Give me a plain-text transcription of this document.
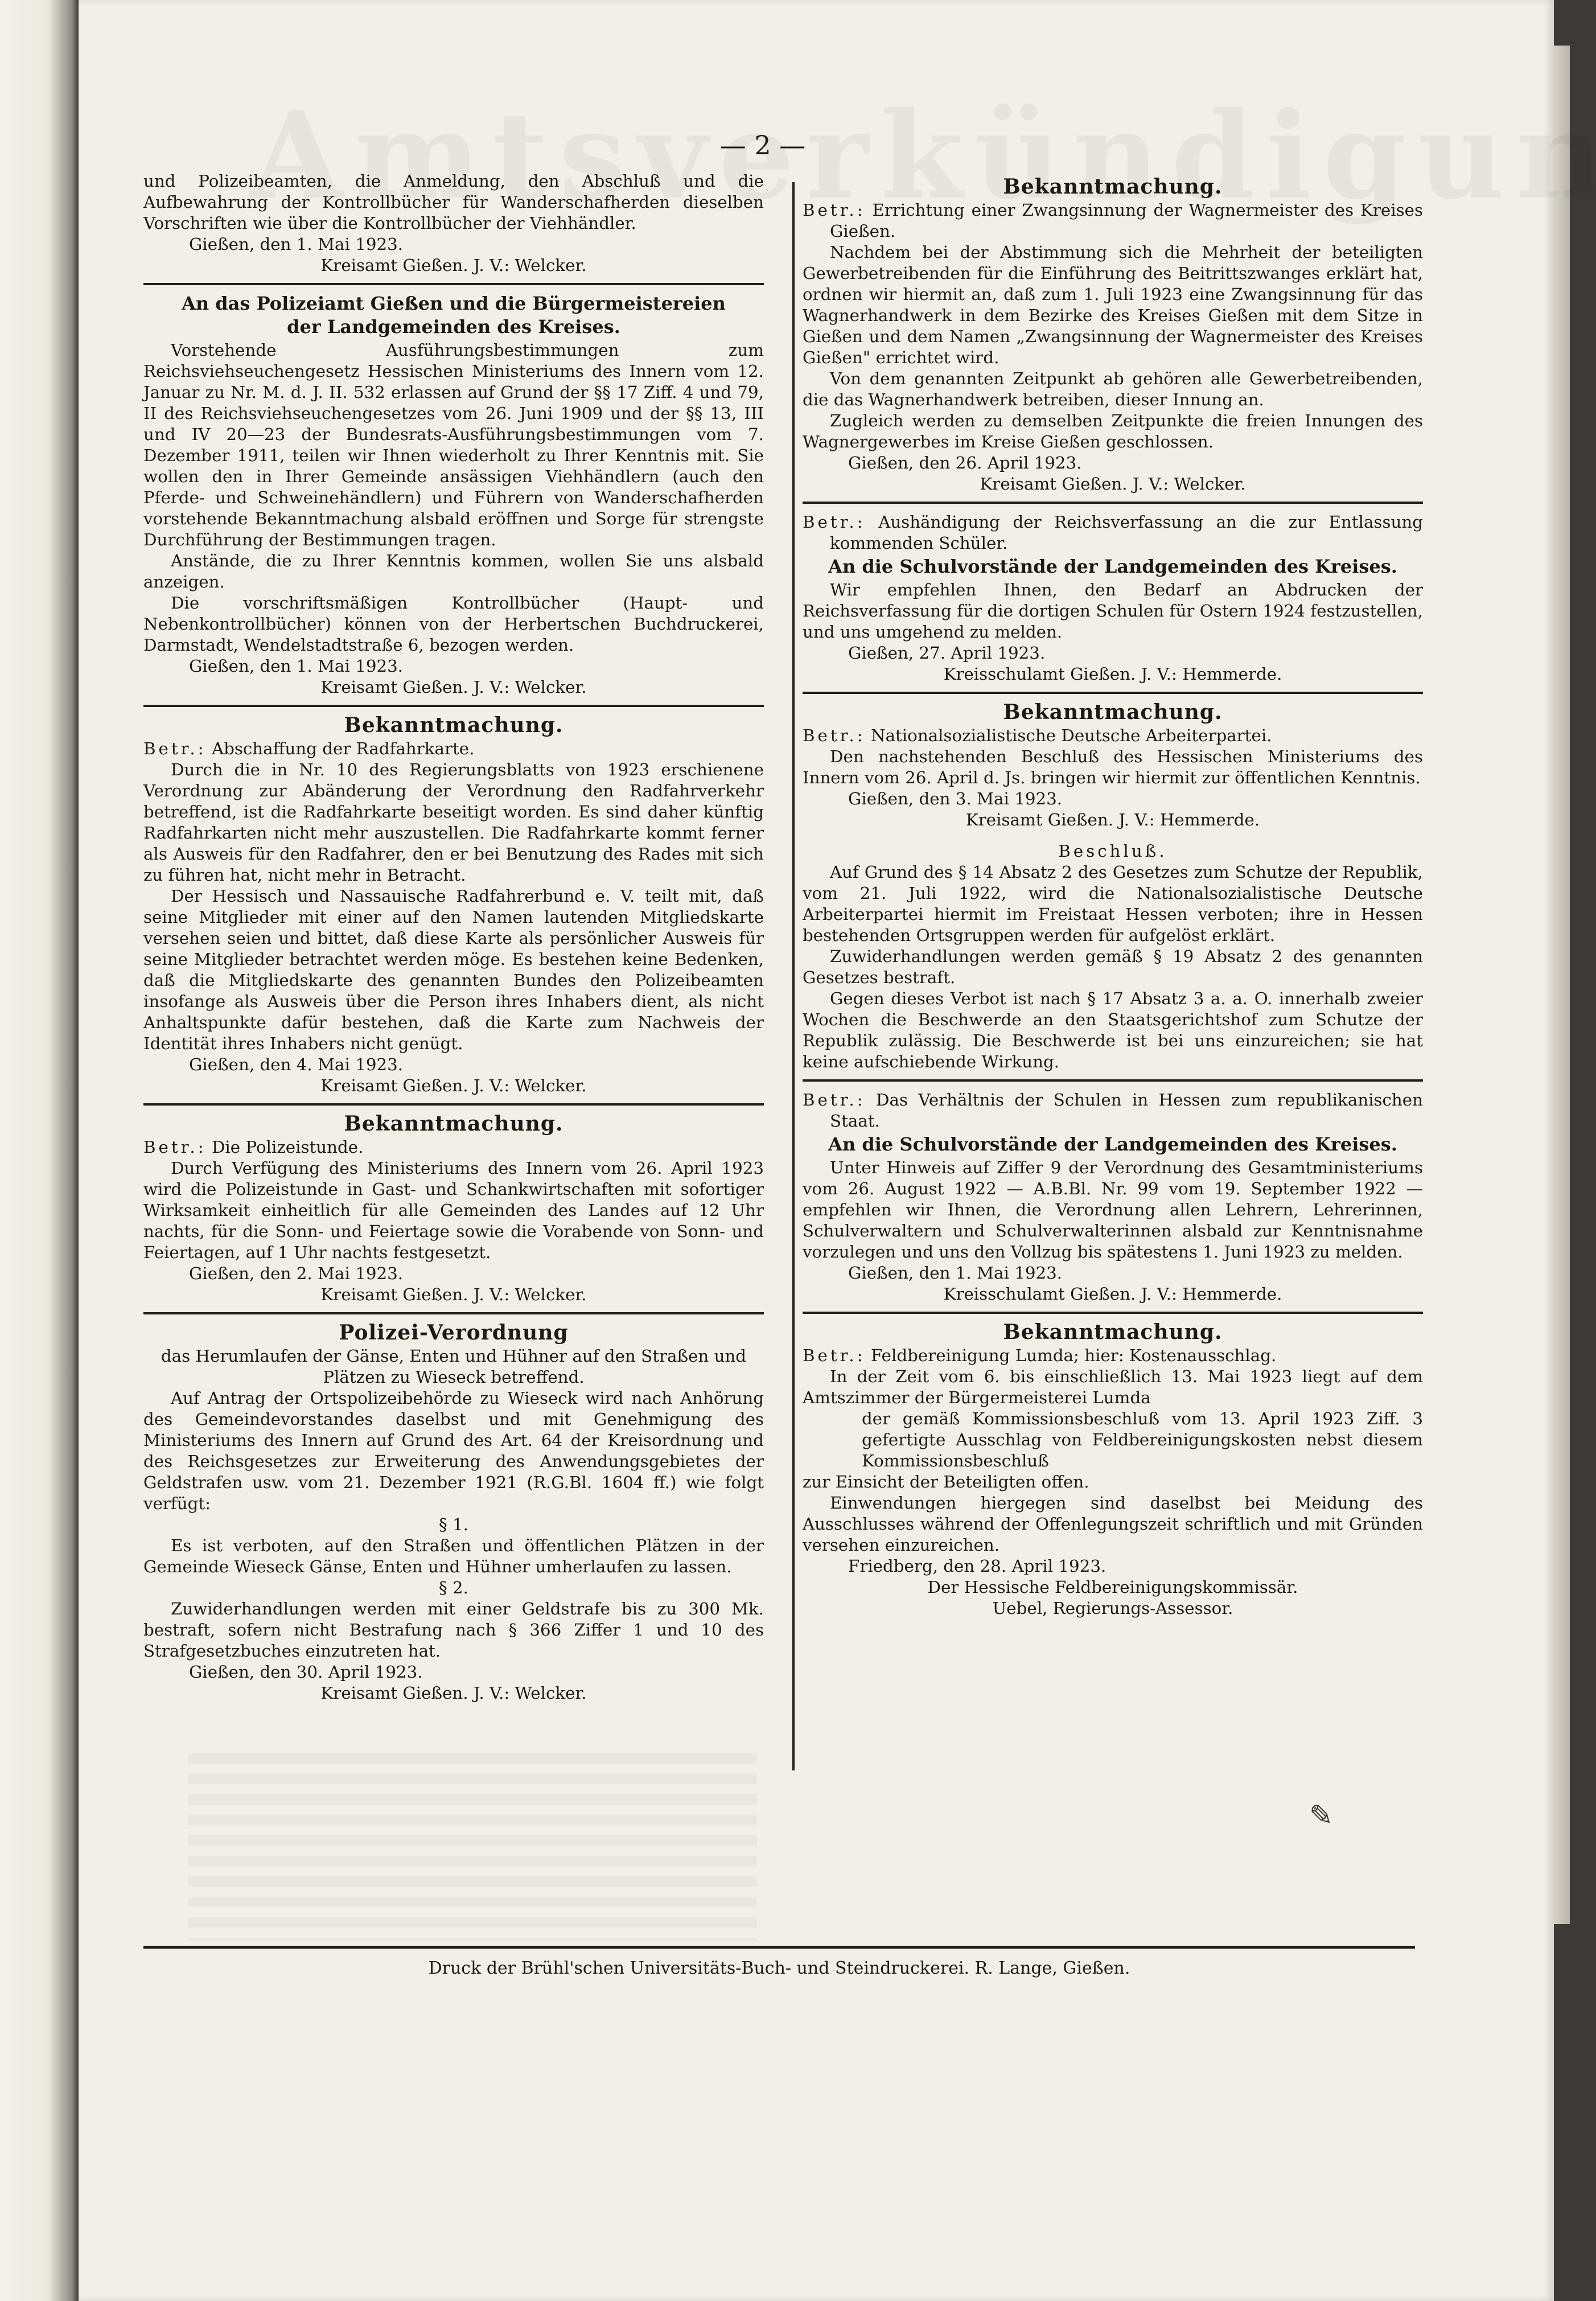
— 2 —

und Polizeibeamten, die Anmeldung, den Abschluß und die Aufbewahrung der Kontrollbücher für Wanderschafherden dieselben Vorschriften wie über die Kontrollbücher der Viehhändler.

Gießen, den 1. Mai 1923.

Kreisamt Gießen. J. V.: Welcker.

An das Polizeiamt Gießen und die Bürgermeistereien

der Landgemeinden des Kreises.

Vorstehende Ausführungsbestimmungen zum Reichsviehseuchengesetz Hessischen Ministeriums des Innern vom 12. Januar zu Nr. M. d. J. II. 532 erlassen auf Grund der §§ 17 Ziff. 4 und 79, II des Reichsviehseuchengesetzes vom 26. Juni 1909 und der §§ 13, III und IV 20—23 der Bundesrats-Ausführungsbestimmungen vom 7. Dezember 1911, teilen wir Ihnen wiederholt zu Ihrer Kenntnis mit. Sie wollen den in Ihrer Gemeinde ansässigen Viehhändlern (auch den Pferde- und Schweinehändlern) und Führern von Wanderschafherden vorstehende Bekanntmachung alsbald eröffnen und Sorge für strengste Durchführung der Bestimmungen tragen.

Anstände, die zu Ihrer Kenntnis kommen, wollen Sie uns alsbald anzeigen.

Die vorschriftsmäßigen Kontrollbücher (Haupt- und Nebenkontrollbücher) können von der Herbertschen Buchdruckerei, Darmstadt, Wendelstadtstraße 6, bezogen werden.

Gießen, den 1. Mai 1923.

Kreisamt Gießen. J. V.: Welcker.

Bekanntmachung.

Betr.: Abschaffung der Radfahrkarte.

Durch die in Nr. 10 des Regierungsblatts von 1923 erschienene Verordnung zur Abänderung der Verordnung den Radfahrverkehr betreffend, ist die Radfahrkarte beseitigt worden. Es sind daher künftig Radfahrkarten nicht mehr auszustellen. Die Radfahrkarte kommt ferner als Ausweis für den Radfahrer, den er bei Benutzung des Rades mit sich zu führen hat, nicht mehr in Betracht.

Der Hessisch und Nassauische Radfahrerbund e. V. teilt mit, daß seine Mitglieder mit einer auf den Namen lautenden Mitgliedskarte versehen seien und bittet, daß diese Karte als persönlicher Ausweis für seine Mitglieder betrachtet werden möge. Es bestehen keine Bedenken, daß die Mitgliedskarte des genannten Bundes den Polizeibeamten insofange als Ausweis über die Person ihres Inhabers dient, als nicht Anhaltspunkte dafür bestehen, daß die Karte zum Nachweis der Identität ihres Inhabers nicht genügt.

Gießen, den 4. Mai 1923.

Kreisamt Gießen. J. V.: Welcker.

Bekanntmachung.

Betr.: Die Polizeistunde.

Durch Verfügung des Ministeriums des Innern vom 26. April 1923 wird die Polizeistunde in Gast- und Schankwirtschaften mit sofortiger Wirksamkeit einheitlich für alle Gemeinden des Landes auf 12 Uhr nachts, für die Sonn- und Feiertage sowie die Vorabende von Sonn- und Feiertagen, auf 1 Uhr nachts festgesetzt.

Gießen, den 2. Mai 1923.

Kreisamt Gießen. J. V.: Welcker.

Polizei-Verordnung

das Herumlaufen der Gänse, Enten und Hühner auf den Straßen und Plätzen zu Wieseck betreffend.

Auf Antrag der Ortspolizeibehörde zu Wieseck wird nach Anhörung des Gemeindevorstandes daselbst und mit Genehmigung des Ministeriums des Innern auf Grund des Art. 64 der Kreisordnung und des Reichsgesetzes zur Erweiterung des Anwendungsgebietes der Geldstrafen usw. vom 21. Dezember 1921 (R.G.Bl. 1604 ff.) wie folgt verfügt:

§ 1.

Es ist verboten, auf den Straßen und öffentlichen Plätzen in der Gemeinde Wieseck Gänse, Enten und Hühner umherlaufen zu lassen.

§ 2.

Zuwiderhandlungen werden mit einer Geldstrafe bis zu 300 Mk. bestraft, sofern nicht Bestrafung nach § 366 Ziffer 1 und 10 des Strafgesetzbuches einzutreten hat.

Gießen, den 30. April 1923.

Kreisamt Gießen. J. V.: Welcker.

Bekanntmachung.

Betr.: Errichtung einer Zwangsinnung der Wagnermeister des Kreises Gießen.

Nachdem bei der Abstimmung sich die Mehrheit der beteiligten Gewerbetreibenden für die Einführung des Beitrittszwanges erklärt hat, ordnen wir hiermit an, daß zum 1. Juli 1923 eine Zwangsinnung für das Wagnerhandwerk in dem Bezirke des Kreises Gießen mit dem Sitze in Gießen und dem Namen „Zwangsinnung der Wagnermeister des Kreises Gießen" errichtet wird.

Von dem genannten Zeitpunkt ab gehören alle Gewerbetreibenden, die das Wagnerhandwerk betreiben, dieser Innung an.

Zugleich werden zu demselben Zeitpunkte die freien Innungen des Wagnergewerbes im Kreise Gießen geschlossen.

Gießen, den 26. April 1923.

Kreisamt Gießen. J. V.: Welcker.

Betr.: Aushändigung der Reichsverfassung an die zur Entlassung kommenden Schüler.

An die Schulvorstände der Landgemeinden des Kreises.

Wir empfehlen Ihnen, den Bedarf an Abdrucken der Reichsverfassung für die dortigen Schulen für Ostern 1924 festzustellen, und uns umgehend zu melden.

Gießen, 27. April 1923.

Kreisschulamt Gießen. J. V.: Hemmerde.

Bekanntmachung.

Betr.: Nationalsozialistische Deutsche Arbeiterpartei.

Den nachstehenden Beschluß des Hessischen Ministeriums des Innern vom 26. April d. Js. bringen wir hiermit zur öffentlichen Kenntnis.

Gießen, den 3. Mai 1923.

Kreisamt Gießen. J. V.: Hemmerde.

Beschluß.

Auf Grund des § 14 Absatz 2 des Gesetzes zum Schutze der Republik, vom 21. Juli 1922, wird die Nationalsozialistische Deutsche Arbeiterpartei hiermit im Freistaat Hessen verboten; ihre in Hessen bestehenden Ortsgruppen werden für aufgelöst erklärt.

Zuwiderhandlungen werden gemäß § 19 Absatz 2 des genannten Gesetzes bestraft.

Gegen dieses Verbot ist nach § 17 Absatz 3 a. a. O. innerhalb zweier Wochen die Beschwerde an den Staatsgerichtshof zum Schutze der Republik zulässig. Die Beschwerde ist bei uns einzureichen; sie hat keine aufschiebende Wirkung.

Betr.: Das Verhältnis der Schulen in Hessen zum republikanischen Staat.

An die Schulvorstände der Landgemeinden des Kreises.

Unter Hinweis auf Ziffer 9 der Verordnung des Gesamtministeriums vom 26. August 1922 — A.B.Bl. Nr. 99 vom 19. September 1922 — empfehlen wir Ihnen, die Verordnung allen Lehrern, Lehrerinnen, Schulverwaltern und Schulverwalterinnen alsbald zur Kenntnisnahme vorzulegen und uns den Vollzug bis spätestens 1. Juni 1923 zu melden.

Gießen, den 1. Mai 1923.

Kreisschulamt Gießen. J. V.: Hemmerde.

Bekanntmachung.

Betr.: Feldbereinigung Lumda; hier: Kostenausschlag.

In der Zeit vom 6. bis einschließlich 13. Mai 1923 liegt auf dem Amtszimmer der Bürgermeisterei Lumda

der gemäß Kommissionsbeschluß vom 13. April 1923 Ziff. 3 gefertigte Ausschlag von Feldbereinigungskosten nebst diesem Kommissionsbeschluß

zur Einsicht der Beteiligten offen.

Einwendungen hiergegen sind daselbst bei Meidung des Ausschlusses während der Offenlegungszeit schriftlich und mit Gründen versehen einzureichen.

Friedberg, den 28. April 1923.

Der Hessische Feldbereinigungskommissär.

Uebel, Regierungs-Assessor.

✎
Druck der Brühl'schen Universitäts-Buch- und Steindruckerei. R. Lange, Gießen.
